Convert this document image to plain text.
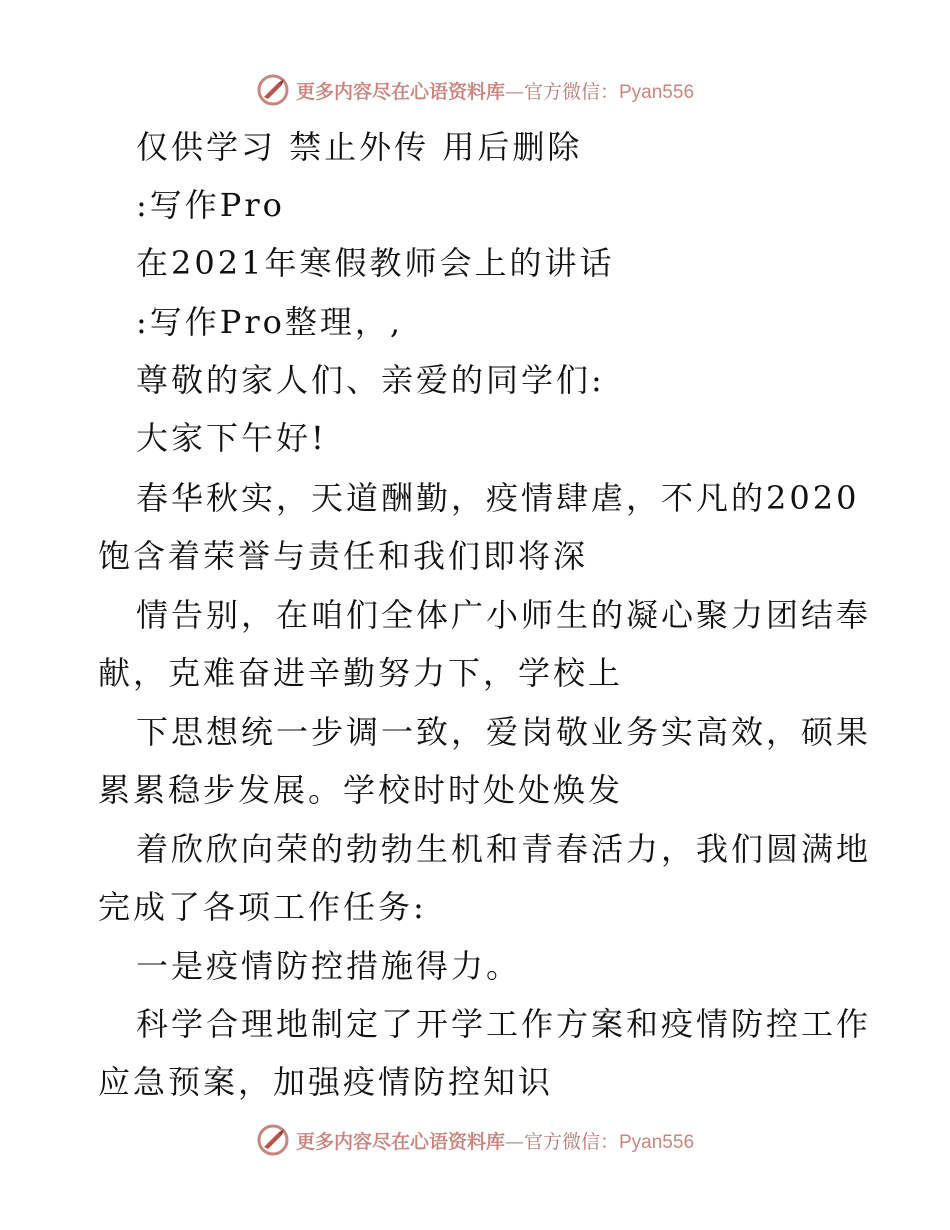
更多内容尽在心语资料库—官方微信：Pyan556
仅供学习 禁止外传 用后删除
:写作Pro
在2021年寒假教师会上的讲话
:写作Pro整理，,
尊敬的家人们、亲爱的同学们:
大家下午好!
春华秋实，天道酬勤，疫情肆虐，不凡的2020
饱含着荣誉与责任和我们即将深
情告别，在咱们全体广小师生的凝心聚力团结奉
献，克难奋进辛勤努力下，学校上
下思想统一步调一致，爱岗敬业务实高效，硕果
累累稳步发展。学校时时处处焕发
着欣欣向荣的勃勃生机和青春活力，我们圆满地
完成了各项工作任务:
一是疫情防控措施得力。
科学合理地制定了开学工作方案和疫情防控工作
应急预案，加强疫情防控知识
更多内容尽在心语资料库—官方微信：Pyan556
